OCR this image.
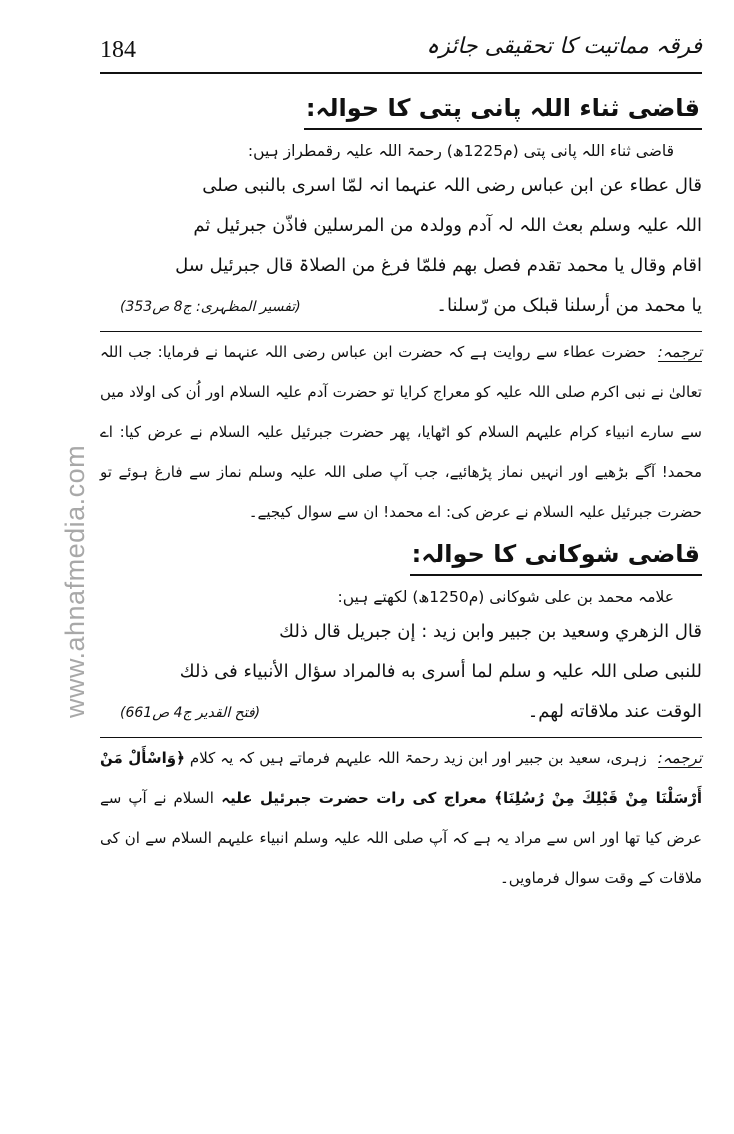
184	فرقہ مماتیت کا تحقیقی جائزہ
www.ahnafmedia.com
قاضی ثناء اللہ پانی پتی کا حوالہ:
قاضی ثناء اللہ پانی پتی (م1225ھ) رحمۃ اللہ علیہ رقمطراز ہیں:
قال عطاء عن ابن عباس رضی اللہ عنہما انہ لمّا اسری بالنبی صلی
اللہ علیہ وسلم بعث اللہ لہ آدم وولدہ من المرسلین فاذّن جبرئیل ثم
اقام وقال یا محمد تقدم فصل بھم فلمّا فرغ من الصلاۃ قال جبرئیل سل
یا محمد من أرسلنا قبلک من رّسلنا۔
(تفسیر المظہری: ج8 ص353)
ترجمہ: حضرت عطاء سے روایت ہے کہ حضرت ابن عباس رضی اللہ عنہما نے فرمایا: جب اللہ تعالیٰ نے نبی اکرم صلی اللہ علیہ کو معراج کرایا تو حضرت آدم علیہ السلام اور اُن کی اولاد میں سے سارے انبیاء کرام علیہم السلام کو اٹھایا، پھر حضرت جبرئیل علیہ السلام نے عرض کیا: اے محمد! آگے بڑھیے اور انہیں نماز پڑھائیے، جب آپ صلی اللہ علیہ وسلم نماز سے فارغ ہوئے تو حضرت جبرئیل علیہ السلام نے عرض کی: اے محمد! ان سے سوال کیجیے۔
قاضی شوکانی کا حوالہ:
علامہ محمد بن علی شوکانی (م1250ھ) لکھتے ہیں:
قال الزهري وسعيد بن جبير وابن زيد : إن جبريل قال ذلك
للنبی صلی اللہ علیہ و سلم لما أسری به فالمراد سؤال الأنبياء فی ذلك
الوقت عند ملاقاته لهم۔
(فتح القدیر ج4 ص661)
ترجمہ: زہری، سعید بن جبیر اور ابن زید رحمۃ اللہ علیہم فرماتے ہیں کہ یہ کلام ﴿وَاسْأَلْ مَنْ أَرْسَلْنَا مِنْ قَبْلِكَ مِنْ رُسُلِنَا﴾ معراج کی رات حضرت جبرئیل علیہ السلام نے آپ سے عرض کیا تھا اور اس سے مراد یہ ہے کہ آپ صلی اللہ علیہ وسلم انبیاء علیہم السلام سے ان کی ملاقات کے وقت سوال فرماویں۔
